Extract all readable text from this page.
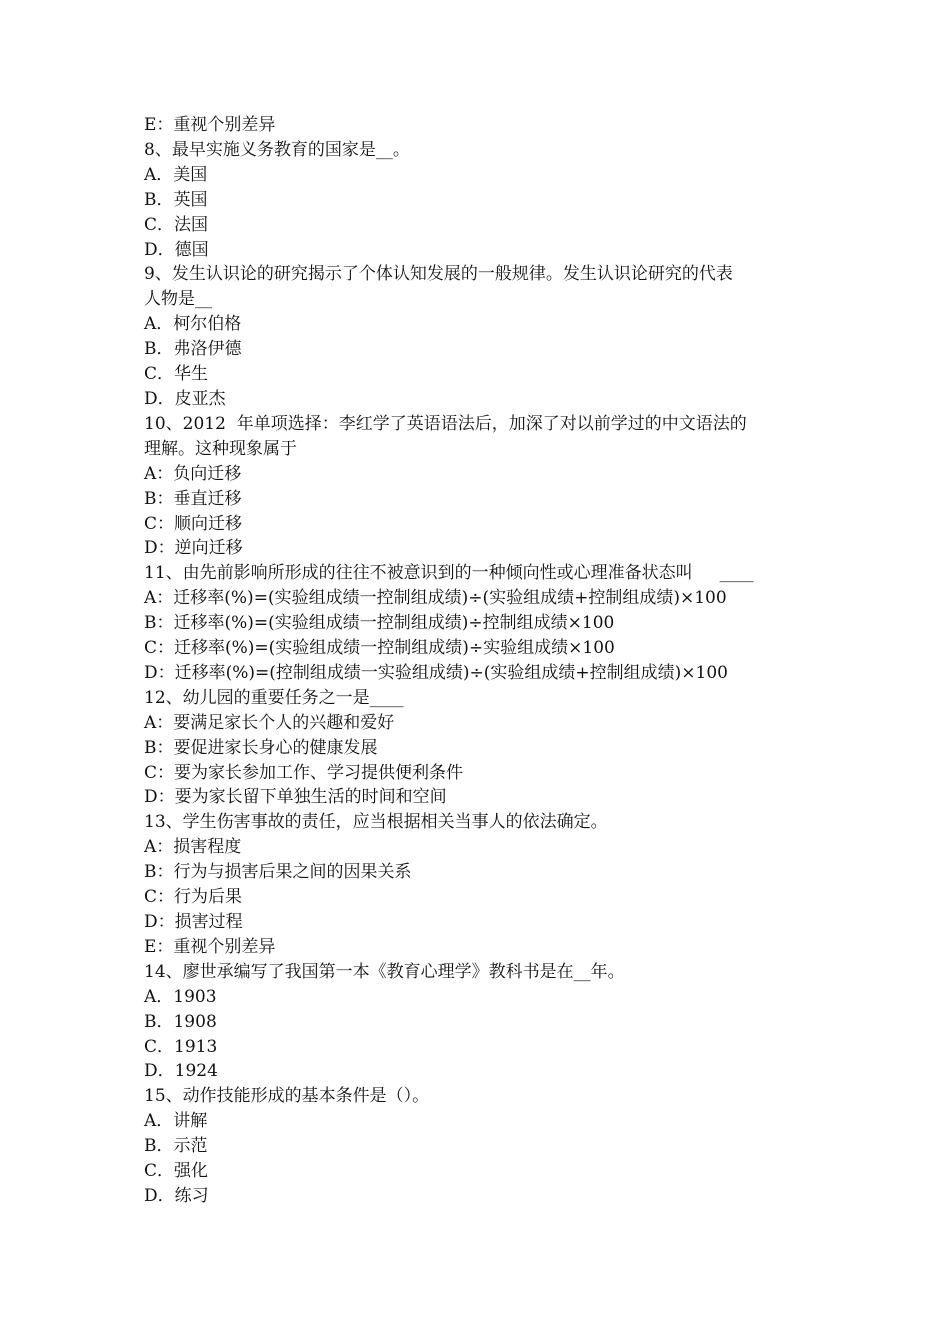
E：重视个别差异
8、最早实施义务教育的国家是__。
A．美国
B．英国
C．法国
D．德国
9、发生认识论的研究揭示了个体认知发展的一般规律。发生认识论研究的代表
人物是__
A．柯尔伯格
B．弗洛伊德
C．华生
D．皮亚杰
10、2012  年单项选择：李红学了英语语法后，加深了对以前学过的中文语法的
理解。这种现象属于
A：负向迁移
B：垂直迁移
C：顺向迁移
D：逆向迁移
11、由先前影响所形成的往往不被意识到的一种倾向性或心理准备状态叫     ____
A：迁移率(%)=(实验组成绩一控制组成绩)÷(实验组成绩+控制组成绩)×100
B：迁移率(%)=(实验组成绩一控制组成绩)÷控制组成绩×100
C：迁移率(%)=(实验组成绩一控制组成绩)÷实验组成绩×100
D：迁移率(%)=(控制组成绩一实验组成绩)÷(实验组成绩+控制组成绩)×100
12、幼儿园的重要任务之一是____
A：要满足家长个人的兴趣和爱好
B：要促进家长身心的健康发展
C：要为家长参加工作、学习提供便利条件
D：要为家长留下单独生活的时间和空间
13、学生伤害事故的责任，应当根据相关当事人的依法确定。
A：损害程度
B：行为与损害后果之间的因果关系
C：行为后果
D：损害过程
E：重视个别差异
14、廖世承编写了我国第一本《教育心理学》教科书是在__年。
A．1903
B．1908
C．1913
D．1924
15、动作技能形成的基本条件是（）。
A．讲解
B．示范
C．强化
D．练习
